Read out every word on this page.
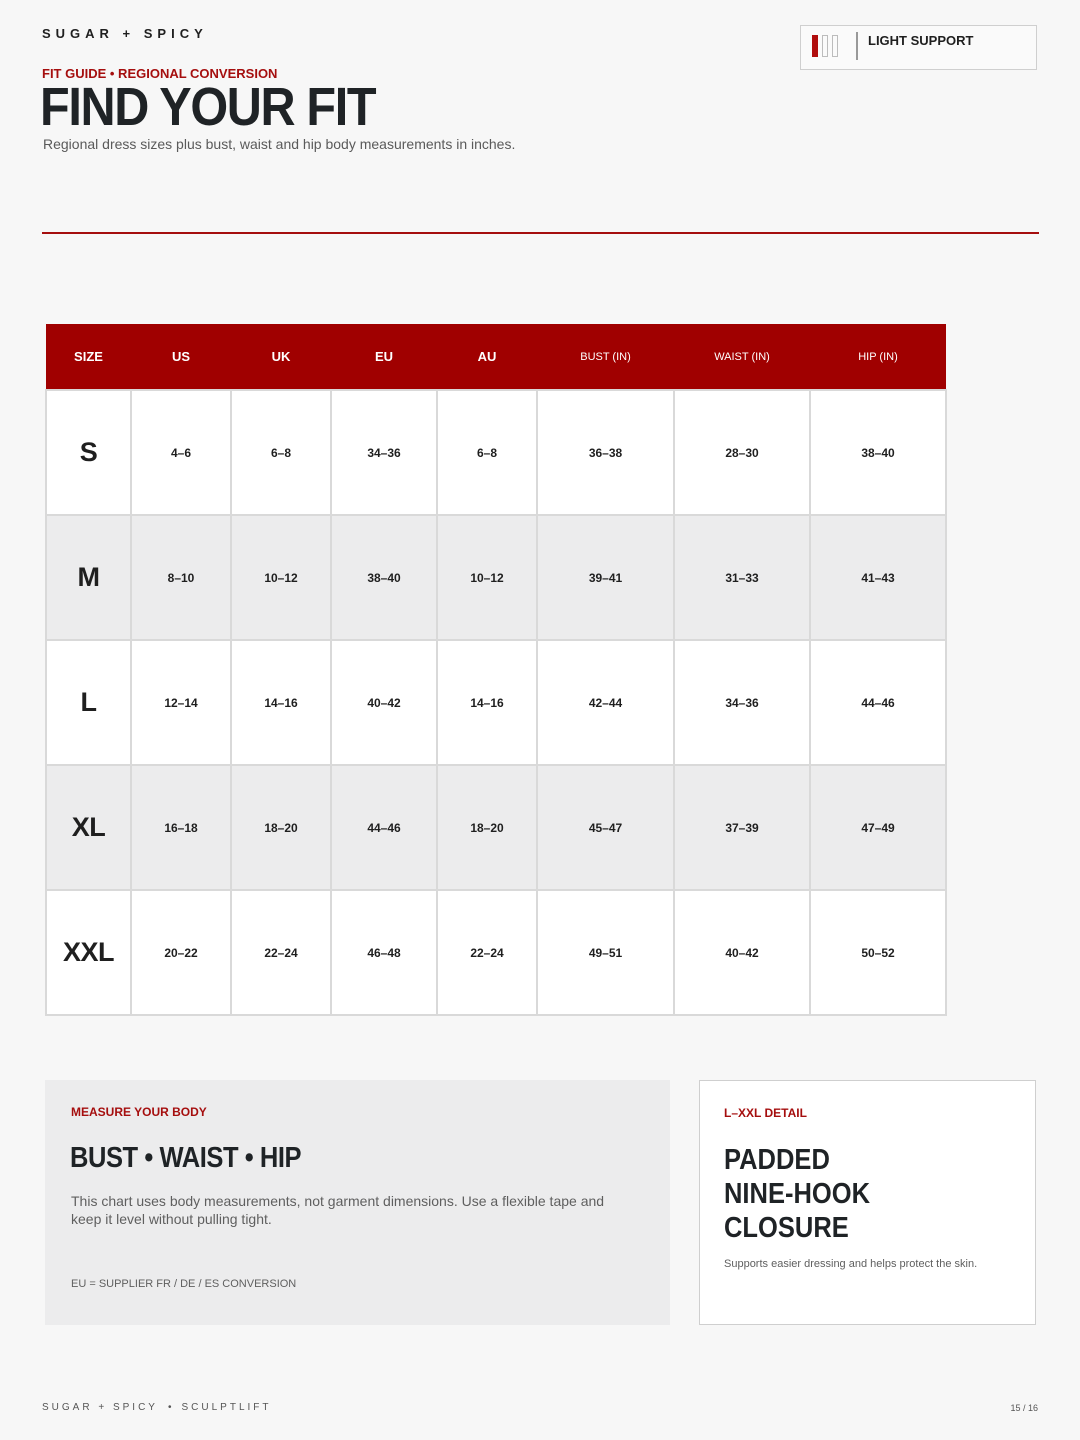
SUGAR + SPICY	LIGHT SUPPORT
FIT GUIDE • REGIONAL CONVERSION
FIND YOUR FIT
Regional dress sizes plus bust, waist and hip body measurements in inches.
SIZE	US	UK	EU	AU	BUST (IN)	WAIST (IN)	HIP (IN)
S	4–6	6–8	34–36	6–8	36–38	28–30	38–40
M	8–10	10–12	38–40	10–12	39–41	31–33	41–43
L	12–14	14–16	40–42	14–16	42–44	34–36	44–46
XL	16–18	18–20	44–46	18–20	45–47	37–39	47–49
XXL	20–22	22–24	46–48	22–24	49–51	40–42	50–52
MEASURE YOUR BODY
BUST • WAIST • HIP
This chart uses body measurements, not garment dimensions. Use a flexible tape and keep it level without pulling tight.
EU = SUPPLIER FR / DE / ES CONVERSION
L–XXL DETAIL
PADDED
NINE-HOOK
CLOSURE
Supports easier dressing and helps protect the skin.
SUGAR + SPICY • SCULPTLIFT	15 / 16
